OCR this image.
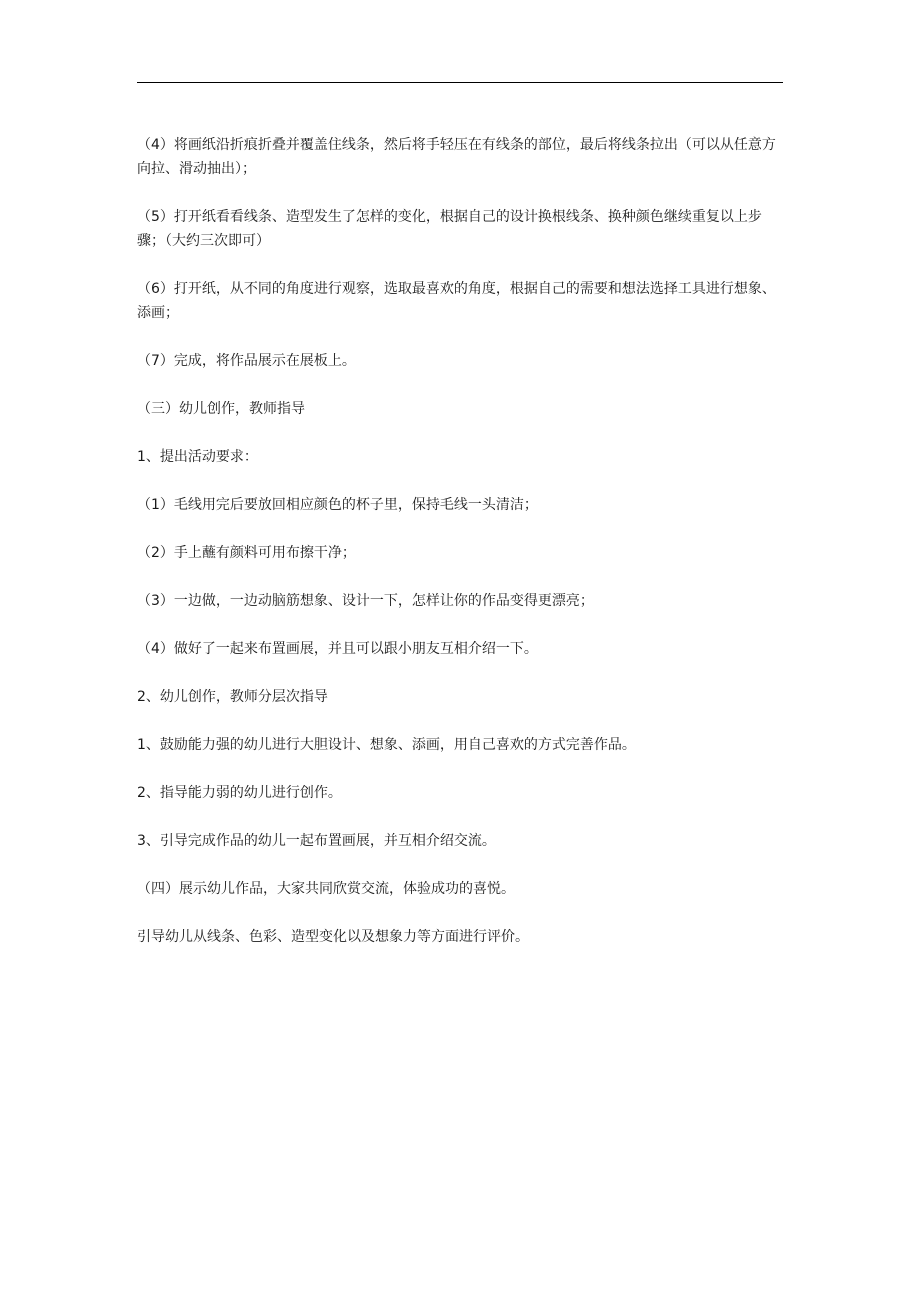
（4）将画纸沿折痕折叠并覆盖住线条，然后将手轻压在有线条的部位，最后将线条拉出（可以从任意方向拉、滑动抽出）；

（5）打开纸看看线条、造型发生了怎样的变化，根据自己的设计换根线条、换种颜色继续重复以上步骤；（大约三次即可）

（6）打开纸，从不同的角度进行观察，选取最喜欢的角度，根据自己的需要和想法选择工具进行想象、添画；

（7）完成，将作品展示在展板上。

（三）幼儿创作，教师指导

1、提出活动要求：

（1）毛线用完后要放回相应颜色的杯子里，保持毛线一头清洁；

（2）手上蘸有颜料可用布擦干净；

（3）一边做，一边动脑筋想象、设计一下，怎样让你的作品变得更漂亮；

（4）做好了一起来布置画展，并且可以跟小朋友互相介绍一下。

2、幼儿创作，教师分层次指导

1、鼓励能力强的幼儿进行大胆设计、想象、添画，用自己喜欢的方式完善作品。

2、指导能力弱的幼儿进行创作。

3、引导完成作品的幼儿一起布置画展，并互相介绍交流。

（四）展示幼儿作品，大家共同欣赏交流，体验成功的喜悦。

引导幼儿从线条、色彩、造型变化以及想象力等方面进行评价。
